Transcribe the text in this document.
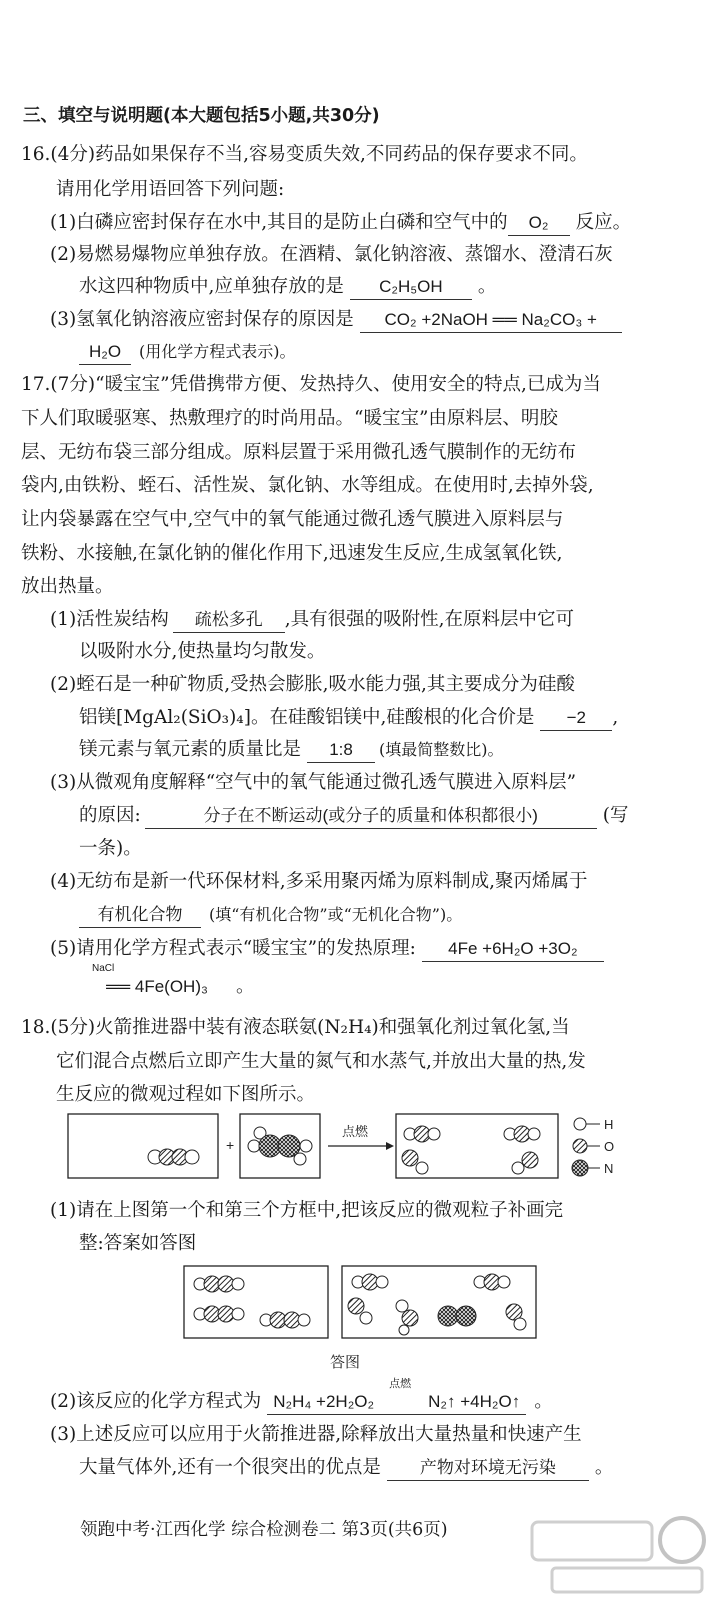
三、填空与说明题(本大题包括5小题,共30分)
16.(4分)药品如果保存不当,容易变质失效,不同药品的保存要求不同。
请用化学用语回答下列问题:
(1)白磷应密封保存在水中,其目的是防止白磷和空气中的 O₂ 反应。
(2)易燃易爆物应单独存放。在酒精、氯化钠溶液、蒸馏水、澄清石灰
水这四种物质中,应单独存放的是 C₂H₅OH 。
(3)氢氧化钠溶液应密封保存的原因是 CO₂ +2NaOH ══ Na₂CO₃ +
H₂O (用化学方程式表示)。
17.(7分)“暖宝宝”凭借携带方便、发热持久、使用安全的特点,已成为当
下人们取暖驱寒、热敷理疗的时尚用品。“暖宝宝”由原料层、明胶
层、无纺布袋三部分组成。原料层置于采用微孔透气膜制作的无纺布
袋内,由铁粉、蛭石、活性炭、氯化钠、水等组成。在使用时,去掉外袋,
让内袋暴露在空气中,空气中的氧气能通过微孔透气膜进入原料层与
铁粉、水接触,在氯化钠的催化作用下,迅速发生反应,生成氢氧化铁,
放出热量。
(1)活性炭结构 疏松多孔 ,具有很强的吸附性,在原料层中它可
以吸附水分,使热量均匀散发。
(2)蛭石是一种矿物质,受热会膨胀,吸水能力强,其主要成分为硅酸
铝镁[MgAl₂(SiO₃)₄]。在硅酸铝镁中,硅酸根的化合价是 −2 ,
镁元素与氧元素的质量比是 1:8 (填最简整数比)。
(3)从微观角度解释“空气中的氧气能通过微孔透气膜进入原料层”
的原因:	分子在不断运动(或分子的质量和体积都很小)	(写
一条)。
(4)无纺布是新一代环保材料,多采用聚丙烯为原料制成,聚丙烯属于
有机化合物 (填“有机化合物”或“无机化合物”)。
(5)请用化学方程式表示“暖宝宝”的发热原理: 4Fe +6H₂O +3O₂
NaCl
══ 4Fe(OH)₃ 。
18.(5分)火箭推进器中装有液态联氨(N₂H₄)和强氧化剂过氧化氢,当
它们混合点燃后立即产生大量的氮气和水蒸气,并放出大量的热,发
生反应的微观过程如下图所示。
+
点燃	H
O
N
(1)请在上图第一个和第三个方框中,把该反应的微观粒子补画完
整:答案如答图
答图
(2)该反应的化学方程式为 N₂H₄ +2H₂O₂
点燃
 N₂↑ +4H₂O↑ 。
(3)上述反应可以应用于火箭推进器,除释放出大量热量和快速产生
大量气体外,还有一个很突出的优点是 产物对环境无污染 。
领跑中考·江西化学 综合检测卷二 第3页(共6页)
